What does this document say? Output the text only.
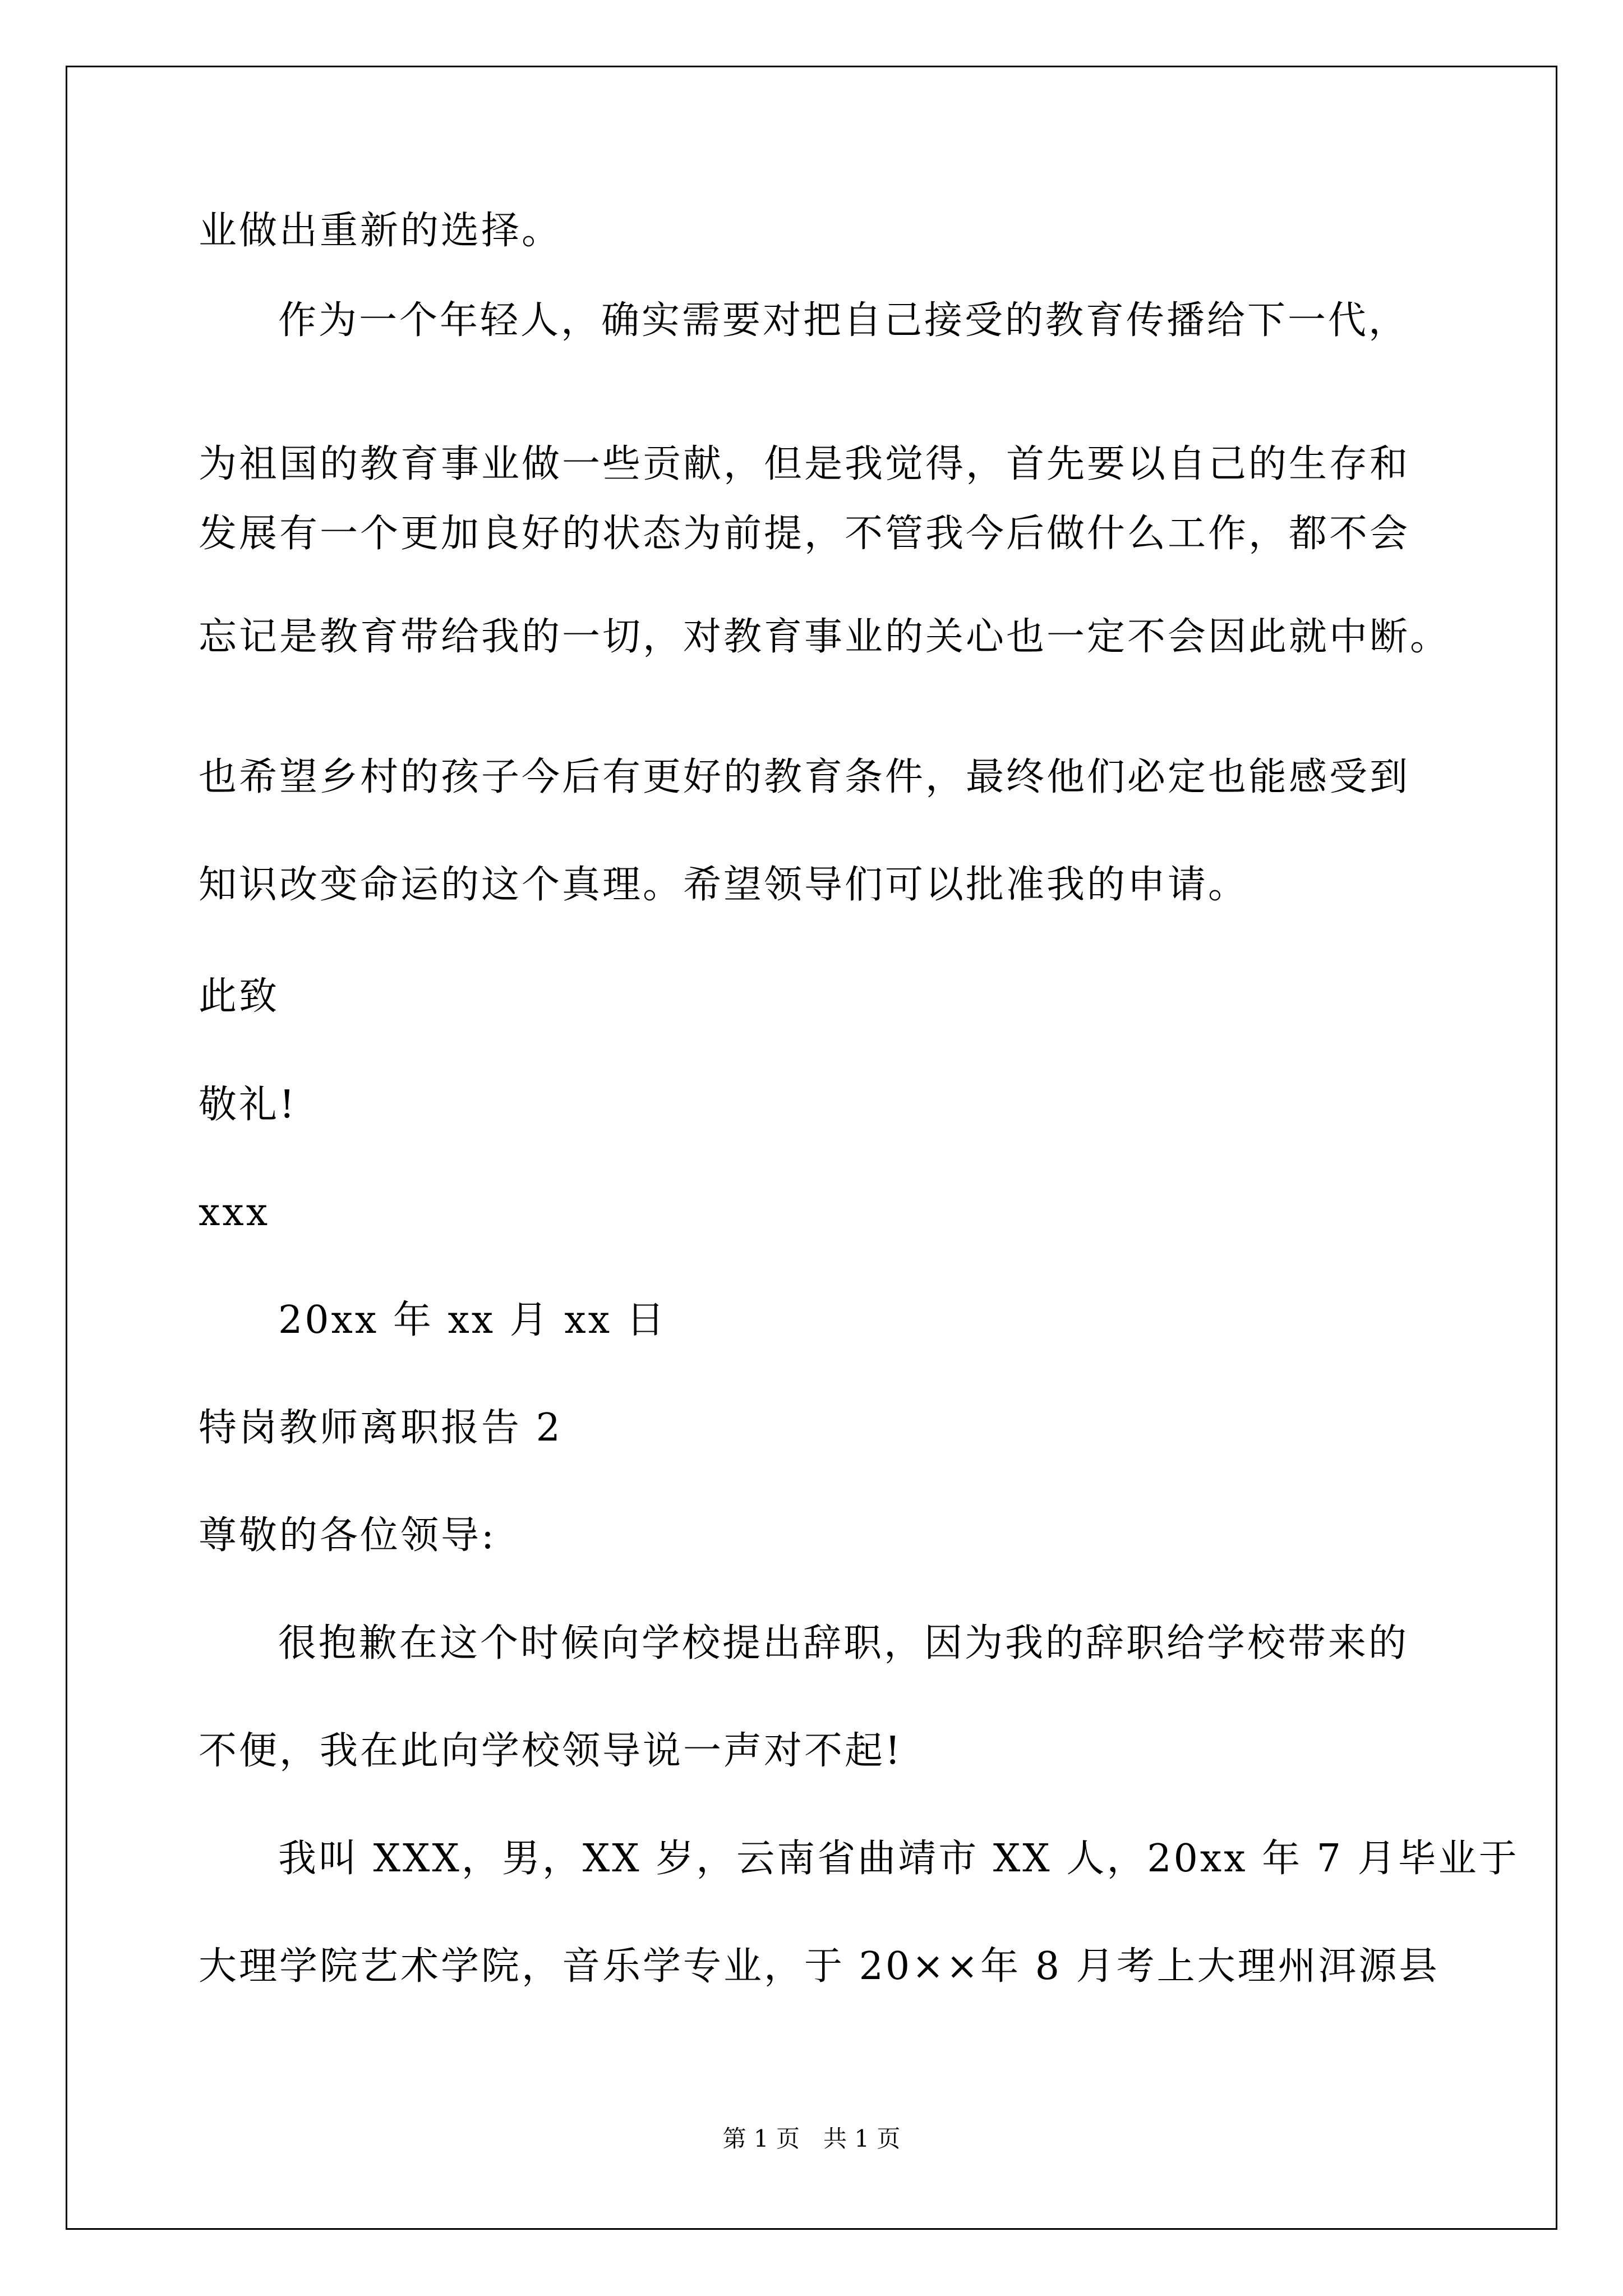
业做出重新的选择。
作为一个年轻人，确实需要对把自己接受的教育传播给下一代，
为祖国的教育事业做一些贡献，但是我觉得，首先要以自己的生存和
发展有一个更加良好的状态为前提，不管我今后做什么工作，都不会
忘记是教育带给我的一切，对教育事业的关心也一定不会因此就中断。
也希望乡村的孩子今后有更好的教育条件，最终他们必定也能感受到
知识改变命运的这个真理。希望领导们可以批准我的申请。
此致
敬礼!
xxx
20xx 年 xx 月 xx 日
特岗教师离职报告 2
尊敬的各位领导:
很抱歉在这个时候向学校提出辞职，因为我的辞职给学校带来的
不便，我在此向学校领导说一声对不起!
我叫 XXX，男，XX 岁，云南省曲靖市 XX 人，20xx 年 7 月毕业于
大理学院艺术学院，音乐学专业，于 20××年 8 月考上大理州洱源县
第 1 页　共 1 页
